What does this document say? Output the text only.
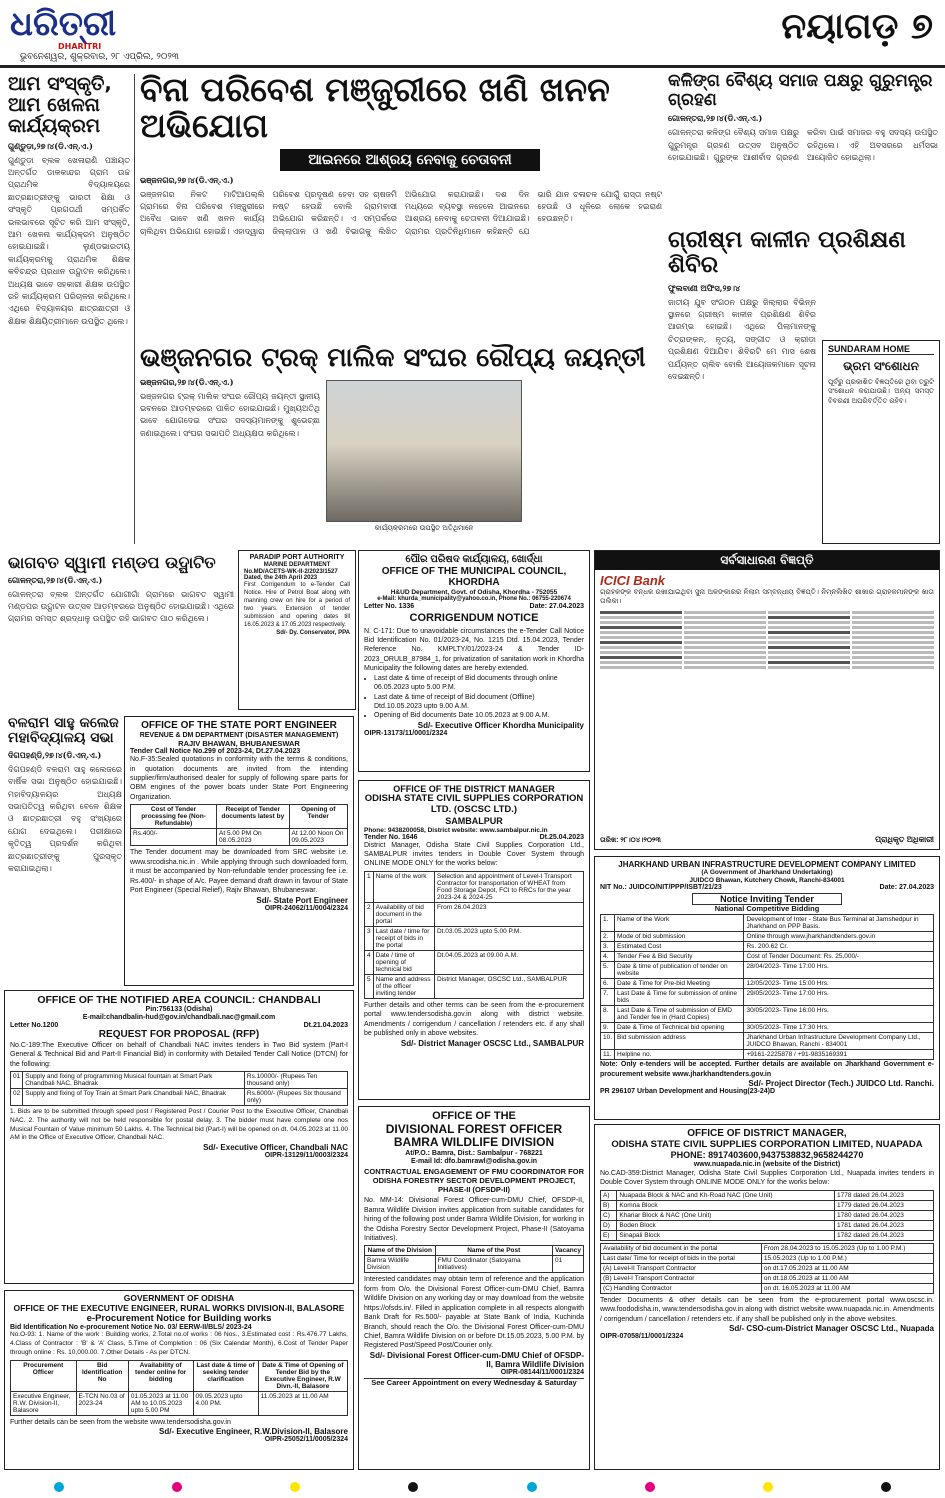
ଧରିତ୍ରୀ
DHARITRI
ଭୁବନେଶ୍ୱର, ଶୁକ୍ରବାର, ୨୮ ଏପ୍ରିଲ, ୨୦୨୩
ନୟାଗଡ଼ ୭
ଆମ ସଂସ୍କୃତି, ଆମ ଖେଳନା କାର୍ଯ୍ୟକ୍ରମ
ଗୁଣ୍ଡୁଡ଼ା,୨୭।୪(ଡି.ଏନ୍.ଏ.)
ଗୁଣ୍ଡୁଡ଼ା ବ୍ଲକ ଖେଳାରାଣି ପଞ୍ଚାୟତ ଅନ୍ତର୍ଗତ ଡାଳକାନ୍ଦର ଗ୍ରାମ ଉଚ୍ଚ ପ୍ରାଥମିକ ବିଦ୍ୟାଳୟରେ ଛାତ୍ରଛାତ୍ରୀଙ୍କୁ ଭାରତୀ ଶିକ୍ଷା ଓ ସଂସ୍କୃତି ପ୍ରଗତାର୍ଥୀ ସମ୍ପର୍କିତ ଭଲଭାବରେ ସୂଚିତ କରି ଆମ ସଂସ୍କୃତି, ଆମ ଖେଳନା କାର୍ଯ୍ୟକ୍ରମ ଅନୁଷ୍ଠିତ ହୋଇଯାଇଛି। ଲୁଣ୍ଡଭାରତୀୟ କାର୍ଯ୍ୟକ୍ରମକୁ ପ୍ରାଥମିକ ଶିକ୍ଷକ କବିଚନ୍ଦ୍ର ପ୍ରଧାନ ଉଦ୍ଘାଟନ କରିଥିଲେ। ଅଧ୍ୟକ୍ଷ ଭାବେ ସହକାରୀ ଶିକ୍ଷକ ଉପସ୍ଥିତ ରହି କାର୍ଯ୍ୟକ୍ରମ ପରିଚାଳନା କରିଥିଲେ। ଏଥିରେ ବିଦ୍ୟାଳୟର ଛାତ୍ରଛାତ୍ରୀ ଓ ଶିକ୍ଷକ ଶିକ୍ଷୟିତ୍ରୀମାନେ ଉପସ୍ଥିତ ଥିଲେ।
ବିନା ପରିବେଶ ମଞ୍ଜୁରୀରେ ଖଣି ଖନନ ଅଭିଯୋଗ
ଆଇନରେ ଆଶ୍ରୟ ନେବାକୁ ଚେତାବନୀ
ଭଞ୍ଜନଗର,୨୭।୪(ଡି.ଏନ୍.ଏ.)
ଭଞ୍ଜନଗର ନିକଟ ମାଟିଆପଲ୍ଲି ଗ୍ରାମରେ ବିନା ପରିବେଶ ମଞ୍ଜୁରୀରେ ଅବୈଧ ଭାବେ ଖଣି ଖନନ କାର୍ଯ୍ୟ ଚାଲିଥିବା ଅଭିଯୋଗ ହୋଇଛି। ଏହାଦ୍ୱାରା ପରିବେଶ ପ୍ରଦୂଷଣ ହେବା ସହ ଚାଷଜମି ନଷ୍ଟ ହେଉଛି ବୋଲି ଗ୍ରାମବାସୀ ଅଭିଯୋଗ କରିଛନ୍ତି। ଏ ସମ୍ପର୍କରେ ଜିଲ୍ଲାପାଳ ଓ ଖଣି ବିଭାଗକୁ ଲିଖିତ ଅଭିଯୋଗ କରାଯାଇଛି। ଦଶ ଦିନ ମଧ୍ୟରେ ବ୍ୟବସ୍ଥା ନହେଲେ ଆଇନରେ ଆଶ୍ରୟ ନେବାକୁ ଚେତାବନୀ ଦିଆଯାଇଛି। ଗ୍ରାମର ପ୍ରତିନିଧିମାନେ କହିଛନ୍ତି ଯେ ଭାରି ଯାନ ଚଳାଚଳ ଯୋଗୁଁ ରାସ୍ତା ନଷ୍ଟ ହେଉଛି ଓ ଧୂଳିରେ ଲୋକେ ହଇରାଣ ହେଉଛନ୍ତି।
କଳିଙ୍ଗ ବୈଶ୍ୟ ସମାଜ ପକ୍ଷରୁ ଗୁରୁମନ୍ତ୍ର ଗ୍ରହଣ
ଗୋଳନ୍ତରା,୨୭।୪(ଡି.ଏନ୍.ଏ.)
ଗୋଳନ୍ତରା କଳିଙ୍ଗ ବୈଶ୍ୟ ସମାଜ ପକ୍ଷରୁ ଗୁରୁମନ୍ତ୍ର ଗ୍ରହଣ ଉତ୍ସବ ଅନୁଷ୍ଠିତ ହୋଇଯାଇଛି। ଗୁରୁଙ୍କ ଆଶୀର୍ବାଦ ଗ୍ରହଣ କରିବା ପାଇଁ ସମାଜର ବହୁ ସଦସ୍ୟ ଉପସ୍ଥିତ ରହିଥିଲେ। ଏହି ଅବସରରେ ଧର୍ମସଭା ଆୟୋଜିତ ହୋଇଥିଲା।
ଗ୍ରୀଷ୍ମ କାଳୀନ ପ୍ରଶିକ୍ଷଣ ଶିବିର
ଫୁଲବାଣୀ ଅଫିସ,୨୭।୪
ଜାତୀୟ ଯୁବ ସଂଗଠନ ପକ୍ଷରୁ ଜିଲ୍ଲାର ବିଭିନ୍ନ ସ୍ଥାନରେ ଗ୍ରୀଷ୍ମ କାଳୀନ ପ୍ରଶିକ୍ଷଣ ଶିବିର ଆରମ୍ଭ ହୋଇଛି। ଏଥିରେ ପିଲାମାନଙ୍କୁ ଚିତ୍ରାଙ୍କନ, ନୃତ୍ୟ, ସଙ୍ଗୀତ ଓ କ୍ରୀଡ଼ା ପ୍ରଶିକ୍ଷଣ ଦିଆଯିବ। ଶିବିରଟି ମେ ମାସ ଶେଷ ପର୍ଯ୍ୟନ୍ତ ଚାଲିବ ବୋଲି ଆୟୋଜକମାନେ ସୂଚନା ଦେଇଛନ୍ତି।
SUNDARAM HOME
ଭ୍ରମ ସଂଶୋଧନ
ପୂର୍ବରୁ ପ୍ରକାଶିତ ବିଜ୍ଞପ୍ତିରେ ଥିବା ତ୍ରୁଟି ସଂଶୋଧନ କରାଯାଉଛି। ଅନ୍ୟ ସମସ୍ତ ବିବରଣୀ ଅପରିବର୍ତ୍ତିତ ରହିବ।
ଭଞ୍ଜନଗର ଟ୍ରକ୍ ମାଲିକ ସଂଘର ରୌପ୍ୟ ଜୟନ୍ତୀ
ଭଞ୍ଜନଗର,୨୭।୪(ଡି.ଏନ୍.ଏ.)
ଭଞ୍ଜନଗର ଟ୍ରକ୍ ମାଲିକ ସଂଘର ରୌପ୍ୟ ଜୟନ୍ତୀ ସ୍ଥାନୀୟ ଭବନରେ ଆଡ଼ମ୍ବରରେ ପାଳିତ ହୋଇଯାଇଛି। ମୁଖ୍ୟଅତିଥି ଭାବେ ଯୋଗଦେଇ ସଂଘର ସଦସ୍ୟମାନଙ୍କୁ ଶୁଭେଚ୍ଛା ଜଣାଇଥିଲେ। ସଂଘର ସଭାପତି ଅଧ୍ୟକ୍ଷତା କରିଥିଲେ।
କାର୍ଯ୍ୟକ୍ରମରେ ଉପସ୍ଥିତ ଅତିଥିମାନେ
ଭାଗବତ ସ୍ୱାମୀ ମଣ୍ଡପ ଉଦ୍ଘାଟିତ
ଗୋଳନ୍ତରା,୨୭।୪(ଡି.ଏନ୍.ଏ.)
ଗୋଳନ୍ତରା ବ୍ଲକ ଅନ୍ତର୍ଗତ ଯୋଗୀଗାଁ ଗ୍ରାମରେ ଭାଗବତ ସ୍ୱାମୀ ମଣ୍ଡପର ଉଦ୍ଘାଟନ ଉତ୍ସବ ଆଡ଼ମ୍ବରରେ ଅନୁଷ୍ଠିତ ହୋଇଯାଇଛି। ଏଥିରେ ଗ୍ରାମର ସମସ୍ତ ଶ୍ରଦ୍ଧାଳୁ ଉପସ୍ଥିତ ରହି ଭାଗବତ ପାଠ କରିଥିଲେ।
PARADIP PORT AUTHORITY
MARINE DEPARTMENT
No.MD/ACETS-WK-II-2/2023/1527 Dated, the 24th April 2023
First Corrigendum to e-Tender Call Notice. Hire of Petrol Boat along with manning crew on hire for a period of two years. Extension of tender submission and opening dates till 16.05.2023 & 17.05.2023 respectively.
Sd/- Dy. Conservator, PPA
ପୌର ପରିଷଦ କାର୍ଯ୍ୟାଳୟ, ଖୋର୍ଦ୍ଧା
OFFICE OF THE MUNICIPAL COUNCIL, KHORDHA
H&UD Department, Govt. of Odisha, Khordha - 752055
e-Mail: khurda_municipality@yahoo.co.in, Phone No.: 06755-220674
Letter No. 1336	Date: 27.04.2023
CORRIGENDUM NOTICE
N. C-171: Due to unavoidable circumstances the e-Tender Call Notice Bid Identification No. 01/2023-24, No. 1215 Dtd. 15.04.2023, Tender Reference No. KMPLTY/01/2023-24 & Tender ID- 2023_ORULB_87984_1, for privatization of sanitation work in Khordha Municipality the following dates are hereby extended.
• Last date & time of receipt of Bid documents through online 06.05.2023 upto 5.00 P.M.
• Last date & time of receipt of Bid document (Offline) Dtd.10.05.2023 upto 9.00 A.M.
• Opening of Bid documents Date 10.05.2023 at 9.00 A.M.
Sd/- Executive Officer Khordha Municipality
OIPR-13173/11/0001/2324
ସର୍ବସାଧାରଣ ବିଜ୍ଞପ୍ତି
ICICI Bank
ଗ୍ରାହକଙ୍କ ବନ୍ଧକ ରଖାଯାଇଥିବା ସୁନା ଅଳଙ୍କାରର ନିଲାମ ସମ୍ବନ୍ଧୀୟ ବିଜ୍ଞପ୍ତି। ନିମ୍ନଲିଖିତ ଶାଖାର ଗ୍ରାହକମାନଙ୍କ ଖାତା ତାଲିକା।
ତାରିଖ: ୨୮।୦୪।୨୦୨୩	ପ୍ରାଧିକୃତ ଅଧିକାରୀ
ବଳରାମ ସାହୁ କଲେଜ ମହାବିଦ୍ୟାଳୟ ସଭା
ଦିଗପହଣ୍ଡି,୨୭।୪(ଡି.ଏନ୍.ଏ.)
ଦିଗପହଣ୍ଡି ବଳରାମ ସାହୁ କଲେଜରେ ବାର୍ଷିକ ସଭା ଅନୁଷ୍ଠିତ ହୋଇଯାଇଛି। ମହାବିଦ୍ୟାଳୟର ଅଧ୍ୟକ୍ଷ ସଭାପତିତ୍ୱ କରିଥିବା ବେଳେ ଶିକ୍ଷକ ଓ ଛାତ୍ରଛାତ୍ରୀ ବହୁ ସଂଖ୍ୟାରେ ଯୋଗ ଦେଇଥିଲେ। ପରୀକ୍ଷାରେ କୃତିତ୍ୱ ପ୍ରଦର୍ଶନ କରିଥିବା ଛାତ୍ରଛାତ୍ରୀଙ୍କୁ ପୁରସ୍କୃତ କରାଯାଇଥିଲା।
OFFICE OF THE STATE PORT ENGINEER
REVENUE & DM DEPARTMENT (DISASTER MANAGEMENT)
RAJIV BHAWAN, BHUBANESWAR
Tender Call Notice No.299 of 2023-24, Dt.27.04.2023
No.F-35:Sealed quotations in conformity with the terms & conditions, in quotation documents are invited from the intending supplier/firm/authorised dealer for supply of following spare parts for OBM engines of the power boats under State Port Engineering Organization.
Cost of Tender processing fee (Non-Refundable)	Receipt of Tender documents latest by	Opening of Tender
Rs.400/-	At 5.00 PM On 08.05.2023	At 12.00 Noon On 09.05.2023
The Tender document may be downloaded from SRC website i.e. www.srcodisha.nic.in . While applying through such downloaded form, it must be accompanied by Non-refundable tender processing fee i.e. Rs.400/- in shape of A/c. Payee demand draft drawn in favour of State Port Engineer (Special Relief), Rajiv Bhawan, Bhubaneswar.
Sd/- State Port Engineer
OIPR-24062/11/0004/2324
OFFICE OF THE DISTRICT MANAGER
ODISHA STATE CIVIL SUPPLIES CORPORATION LTD. (OSCSC LTD.)
SAMBALPUR
Phone: 9438200058, District website: www.sambalpur.nic.in
Tender No. 1646	Dt.25.04.2023
District Manager, Odisha State Civil Supplies Corporation Ltd., SAMBALPUR invites tenders in Double Cover System through ONLINE MODE ONLY for the works below:
1	Name of the work	Selection and appointment of Level-I Transport Contractor for transportation of WHEAT from Food Storage Depot, FCI to RRCs for the year 2023-24 & 2024-25
2	Availability of bid document in the portal	From 26.04.2023
3	Last date / time for receipt of bids in the portal	Dt.03.05.2023 upto 5.00 P.M.
4	Date / time of opening of technical bid	Dt.04.05.2023 at 09.00 A.M.
5	Name and address of the officer inviting tender	District Manager, OSCSC Ltd., SAMBALPUR
Further details and other terms can be seen from the e-procurement portal www.tendersodisha.gov.in along with district website. Amendments / corrigendum / cancellation / retenders etc. if any shall be published only in above websites.
Sd/- District Manager OSCSC Ltd., SAMBALPUR
JHARKHAND URBAN INFRASTRUCTURE DEVELOPMENT COMPANY LIMITED
(A Government of Jharkhand Undertaking)
JUIDCO Bhawan, Kutchery Chowk, Ranchi-834001
NIT No.: JUIDCO/NIT/PPP/ISBT/21/23	Date: 27.04.2023
Notice Inviting Tender
National Competitive Bidding
1.	Name of the Work	Development of Inter - State Bus Terminal at Jamshedpur in Jharkhand on PPP Basis.
2.	Mode of bid submission	Online through www.jharkhandtenders.gov.in
3.	Estimated Cost	Rs. 200.62 Cr.
4.	Tender Fee & Bid Security	Cost of Tender Document: Rs. 25,000/-
5.	Date & time of publication of tender on website	28/04/2023- Time 17:00 Hrs.
6.	Date & Time for Pre-bid Meeting	12/05/2023- Time 15:00 Hrs.
7.	Last Date & Time for submission of online bids	29/05/2023- Time 17:00 Hrs.
8.	Last Date & Time of submission of EMD and Tender fee in (Hard Copies)	30/05/2023- Time 16:00 Hrs.
9.	Date & Time of Technical bid opening	30/05/2023- Time 17:30 Hrs.
10.	Bid submission address	Jharkhand Urban Infrastructure Development Company Ltd., JUIDCO Bhawan, Ranchi - 834001
11.	Helpline no.	+9161-2225878 / +91-9835169391
Note: Only e-tenders will be accepted. Further details are available on Jharkhand Government e-procurement website www.jharkhandtenders.gov.in
Sd/- Project Director (Tech.) JUIDCO Ltd. Ranchi.
PR 296107 Urban Development and Housing(23-24)D
OFFICE OF THE NOTIFIED AREA COUNCIL: CHANDBALI
Pin:756133 (Odisha)
E-mail:chandbalin-hud@gov.in/chandbali.nac@gmail.com
Letter No.1200	Dt.21.04.2023
REQUEST FOR PROPOSAL (RFP)
No.C-189:The Executive Officer on behalf of Chandbali NAC invites tenders in Two Bid system (Part-I General & Technical Bid and Part-II Financial Bid) in conformity with Detailed Tender Call Notice (DTCN) for the following:
01	Supply and fixing of programming Musical fountain at Smart Park Chandbali NAC, Bhadrak	Rs.10000/- (Rupees Ten thousand only)
02	Supply and fixing of Toy Train at Smart Park Chandbali NAC, Bhadrak	Rs.6000/- (Rupees Six thousand only)
1. Bids are to be submitted through speed post / Registered Post / Courier Post to the Executive Officer, Chandbali NAC. 2. The authority will not be held responsible for postal delay. 3. The bidder must have complete one nos Musical Fountain of Value minimum 50 Lakhs. 4. The Technical bid (Part-I) will be opened on dt. 04.05.2023 at 11.00 AM in the Office of Executive Officer, Chandbali NAC.
Sd/- Executive Officer, Chandbali NAC
OIPR-13129/11/0003/2324
OFFICE OF THE
DIVISIONAL FOREST OFFICER
BAMRA WILDLIFE DIVISION
At/P.O.: Bamra, Dist.: Sambalpur - 768221
E-mail Id: dfo.bamrawl@odisha.gov.in
CONTRACTUAL ENGAGEMENT OF FMU COORDINATOR FOR ODISHA FORESTRY SECTOR DEVELOPMENT PROJECT, PHASE-II (OFSDP-II)
No. MM-14: Divisional Forest Officer-cum-DMU Chief, OFSDP-II, Bamra Wildlife Division invites application from suitable candidates for hiring of the following post under Bamra Wildlife Division, for working in the Odisha Forestry Sector Development Project, Phase-II (Satoyama Initiatives).
Name of the Division	Name of the Post	Vacancy
Bamra Wildlife Division	FMU Coordinator (Satoyama Initiatives)	01
Interested candidates may obtain term of reference and the application form from O/o. the Divisional Forest Officer-cum-DMU Chief, Bamra Wildlife Division on any working day or may download from the website https://ofsds.in/. Filled in application complete in all respects alongwith Bank Draft for Rs.500/- payable at State Bank of India, Kuchinda Branch, should reach the O/o. the Divisional Forest Officer-cum-DMU Chief, Bamra Wildlife Division on or before Dt.15.05.2023, 5.00 P.M. by Registered Post/Speed Post/Courier only.
Sd/- Divisional Forest Officer-cum-DMU Chief of OFSDP-II, Bamra Wildlife Division
OIPR-08144/11/0001/2324
See Career Appointment on every Wednesday & Saturday
OFFICE OF DISTRICT MANAGER,
ODISHA STATE CIVIL SUPPLIES CORPORATION LIMITED, NUAPADA
PHONE: 8917403600,9437538832,9658244270
www.nuapada.nic.in (website of the District)
No.CAD-359:District Manager, Odisha State Civil Supplies Corporation Ltd., Nuapada invites tenders in Double Cover System through ONLINE MODE ONLY for the works below:
A)	Nuapada Block & NAC and Kh-Road NAC (One Unit)	1778 dated 26.04.2023
B)	Komna Block	1779 dated 26.04.2023
C)	Khariar Block & NAC (One Unit)	1780 dated 26.04.2023
D)	Boden Block	1781 dated 26.04.2023
E)	Sinapali Block	1782 dated 26.04.2023
Availability of bid document in the portal	From 28.04.2023 to 15.05.2023 (Up to 1.00 P.M.)
Last date/ Time for receipt of bids in the portal	15.05.2023 (Up to 1.00 P.M.)
(A) Level-II Transport Contractor	on dt.17.05.2023 at 11.00 AM
(B) Level-I Transport Contractor	on dt.18.05.2023 at 11.00 AM
(C) Handling Contractor	on dt. 16.05.2023 at 11.00 AM
Tender Documents & other details can be seen from the e-procurement portal www.oscsc.in. www.foododisha.in, www.tendersodisha.gov.in along with district website www.nuapada.nic.in. Amendments / corrigendum / cancellation / retenders etc. if any shall be published only in the above websites.
Sd/- CSO-cum-District Manager OSCSC Ltd., Nuapada
OIPR-07058/11/0001/2324
GOVERNMENT OF ODISHA
OFFICE OF THE EXECUTIVE ENGINEER, RURAL WORKS DIVISION-II, BALASORE
e-Procurement Notice for Building works
Bid Identification No e-procurement Notice No. 03/ EERW-II/BLS/ 2023-24
No.O-93: 1. Name of the work : Building works, 2.Total no.of works : 06 Nos., 3.Estimated cost : Rs.476.77 Lakhs, 4.Class of Contractor : 'B' & 'A' Class, 5.Time of Completion : 06 (Six Calendar Month), 6.Cost of Tender Paper through online : Rs. 10,000.00. 7.Other Details - As per DTCN.
Procurement Officer	Bid Identification No	Availability of tender online for bidding	Last date & time of seeking tender clarification	Date & Time of Opening of Tender Bid by the Executive Engineer, R.W Divn.-II, Balasore
Executive Engineer, R.W. Division-II, Balasore	E-TCN No.03 of 2023-24	01.05.2023 at 11.00 AM to 10.05.2023 upto 5.00 PM	09.05.2023 upto 4.00 PM.	11.05.2023 at 11.00 AM
Further details can be seen from the website www.tendersodisha.gov.in
Sd/- Executive Engineer, R.W.Division-II, Balasore
OIPR-25052/11/0005/2324
